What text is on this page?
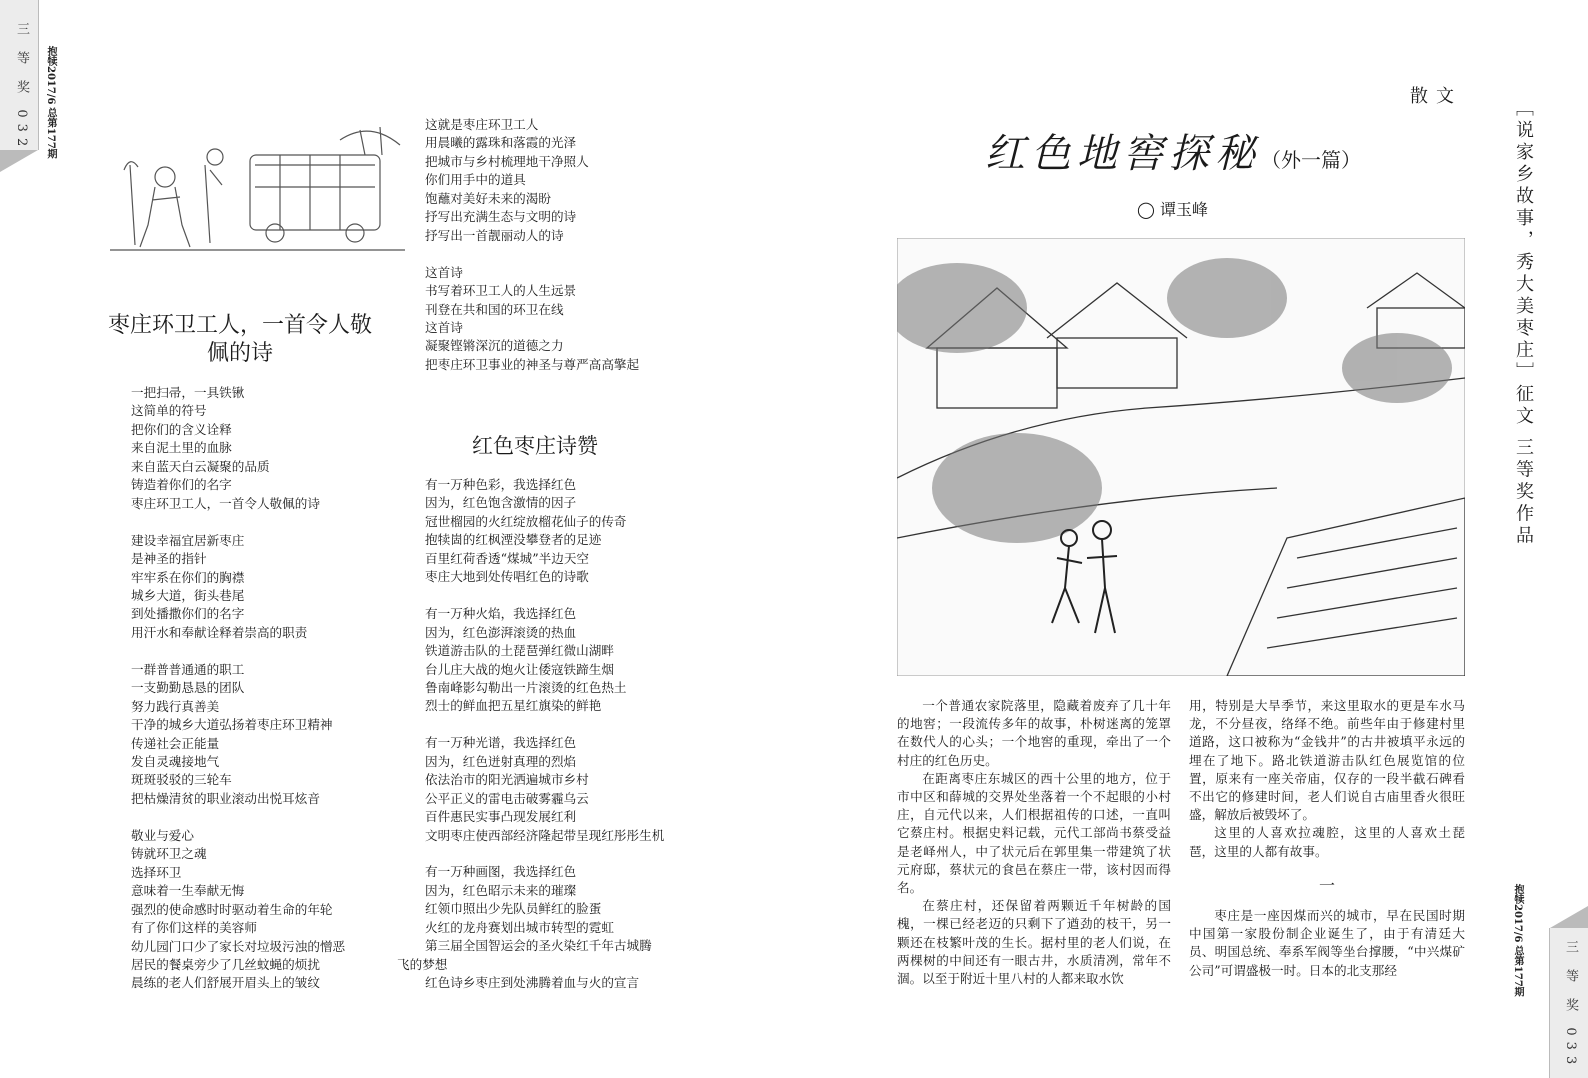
三 等 奖 032 抱犊2017/6 总第177期
枣庄环卫工人，一首令人敬佩的诗

一把扫帚，一具铁锹

这简单的符号

把你们的含义诠释

来自泥土里的血脉

来自蓝天白云凝聚的品质

铸造着你们的名字

枣庄环卫工人，一首令人敬佩的诗

建设幸福宜居新枣庄

是神圣的指针

牢牢系在你们的胸襟

城乡大道，街头巷尾

到处播撒你们的名字

用汗水和奉献诠释着崇高的职责

一群普普通通的职工

一支勤勤恳恳的团队

努力践行真善美

干净的城乡大道弘扬着枣庄环卫精神

传递社会正能量

发自灵魂接地气

斑斑驳驳的三轮车

把枯燥清贫的职业滚动出悦耳炫音

敬业与爱心

铸就环卫之魂

选择环卫

意味着一生奉献无悔

强烈的使命感时时驱动着生命的年轮

有了你们这样的美容师

幼儿园门口少了家长对垃圾污浊的憎恶

居民的餐桌旁少了几丝蚊蝇的烦扰

晨练的老人们舒展开眉头上的皱纹

这就是枣庄环卫工人

用晨曦的露珠和落霞的光泽

把城市与乡村梳理地干净照人

你们用手中的道具

饱蘸对美好未来的渴盼

抒写出充满生态与文明的诗

抒写出一首靓丽动人的诗

这首诗

书写着环卫工人的人生远景

刊登在共和国的环卫在线

这首诗

凝聚铿锵深沉的道德之力

把枣庄环卫事业的神圣与尊严高高擎起

红色枣庄诗赞

有一万种色彩，我选择红色

因为，红色饱含激情的因子

冠世榴园的火红绽放榴花仙子的传奇

抱犊崮的红枫湮没攀登者的足迹

百里红荷香透“煤城”半边天空

枣庄大地到处传唱红色的诗歌

有一万种火焰，我选择红色

因为，红色澎湃滚烫的热血

铁道游击队的土琵琶弹红微山湖畔

台儿庄大战的炮火让倭寇铁蹄生烟

鲁南峰影勾勒出一片滚烫的红色热土

烈士的鲜血把五星红旗染的鲜艳

有一万种光谱，我选择红色

因为，红色迸射真理的烈焰

依法治市的阳光洒遍城市乡村

公平正义的雷电击破雾霾乌云

百件惠民实事凸现发展红利

文明枣庄使西部经济隆起带呈现红彤彤生机

有一万种画图，我选择红色

因为，红色昭示未来的璀璨

红领巾照出少先队员鲜红的脸蛋

火红的龙舟赛划出城市转型的霓虹

第三届全国智运会的圣火染红千年古城腾

飞的梦想

红色诗乡枣庄到处沸腾着血与火的宣言

散文
红色地窖探秘（外一篇）
◯ 谭玉峰

一个普通农家院落里，隐藏着废弃了几十年的地窖；一段流传多年的故事，朴树迷离的笼罩在数代人的心头；一个地窖的重现，牵出了一个村庄的红色历史。

在距离枣庄东城区的西十公里的地方，位于市中区和薛城的交界处坐落着一个不起眼的小村庄，自元代以来，人们根据祖传的口述，一直叫它蔡庄村。根据史料记载，元代工部尚书蔡受益是老峄州人，中了状元后在郭里集一带建筑了状元府邸，蔡状元的食邑在蔡庄一带，该村因而得名。

在蔡庄村，还保留着两颗近千年树龄的国槐，一棵已经老迈的只剩下了遒劲的枝干，另一颗还在枝繁叶茂的生长。据村里的老人们说，在两棵树的中间还有一眼古井，水质清冽，常年不涸。以至于附近十里八村的人都来取水饮

用，特别是大旱季节，来这里取水的更是车水马龙，不分昼夜，络绎不绝。前些年由于修建村里道路，这口被称为“金钱井”的古井被填平永远的埋在了地下。路北铁道游击队红色展览馆的位置，原来有一座关帝庙，仅存的一段半截石碑看不出它的修建时间，老人们说自古庙里香火很旺盛，解放后被毁坏了。

这里的人喜欢拉魂腔，这里的人喜欢土琵琶，这里的人都有故事。

一

枣庄是一座因煤而兴的城市，早在民国时期中国第一家股份制企业诞生了，由于有清廷大员、明国总统、奉系军阀等坐台撑腰，“中兴煤矿公司”可谓盛极一时。日本的北支那经

［说家乡故事，秀大美枣庄］征文 三等奖作品
抱犊2017/6 总第177期	三 等 奖 033
